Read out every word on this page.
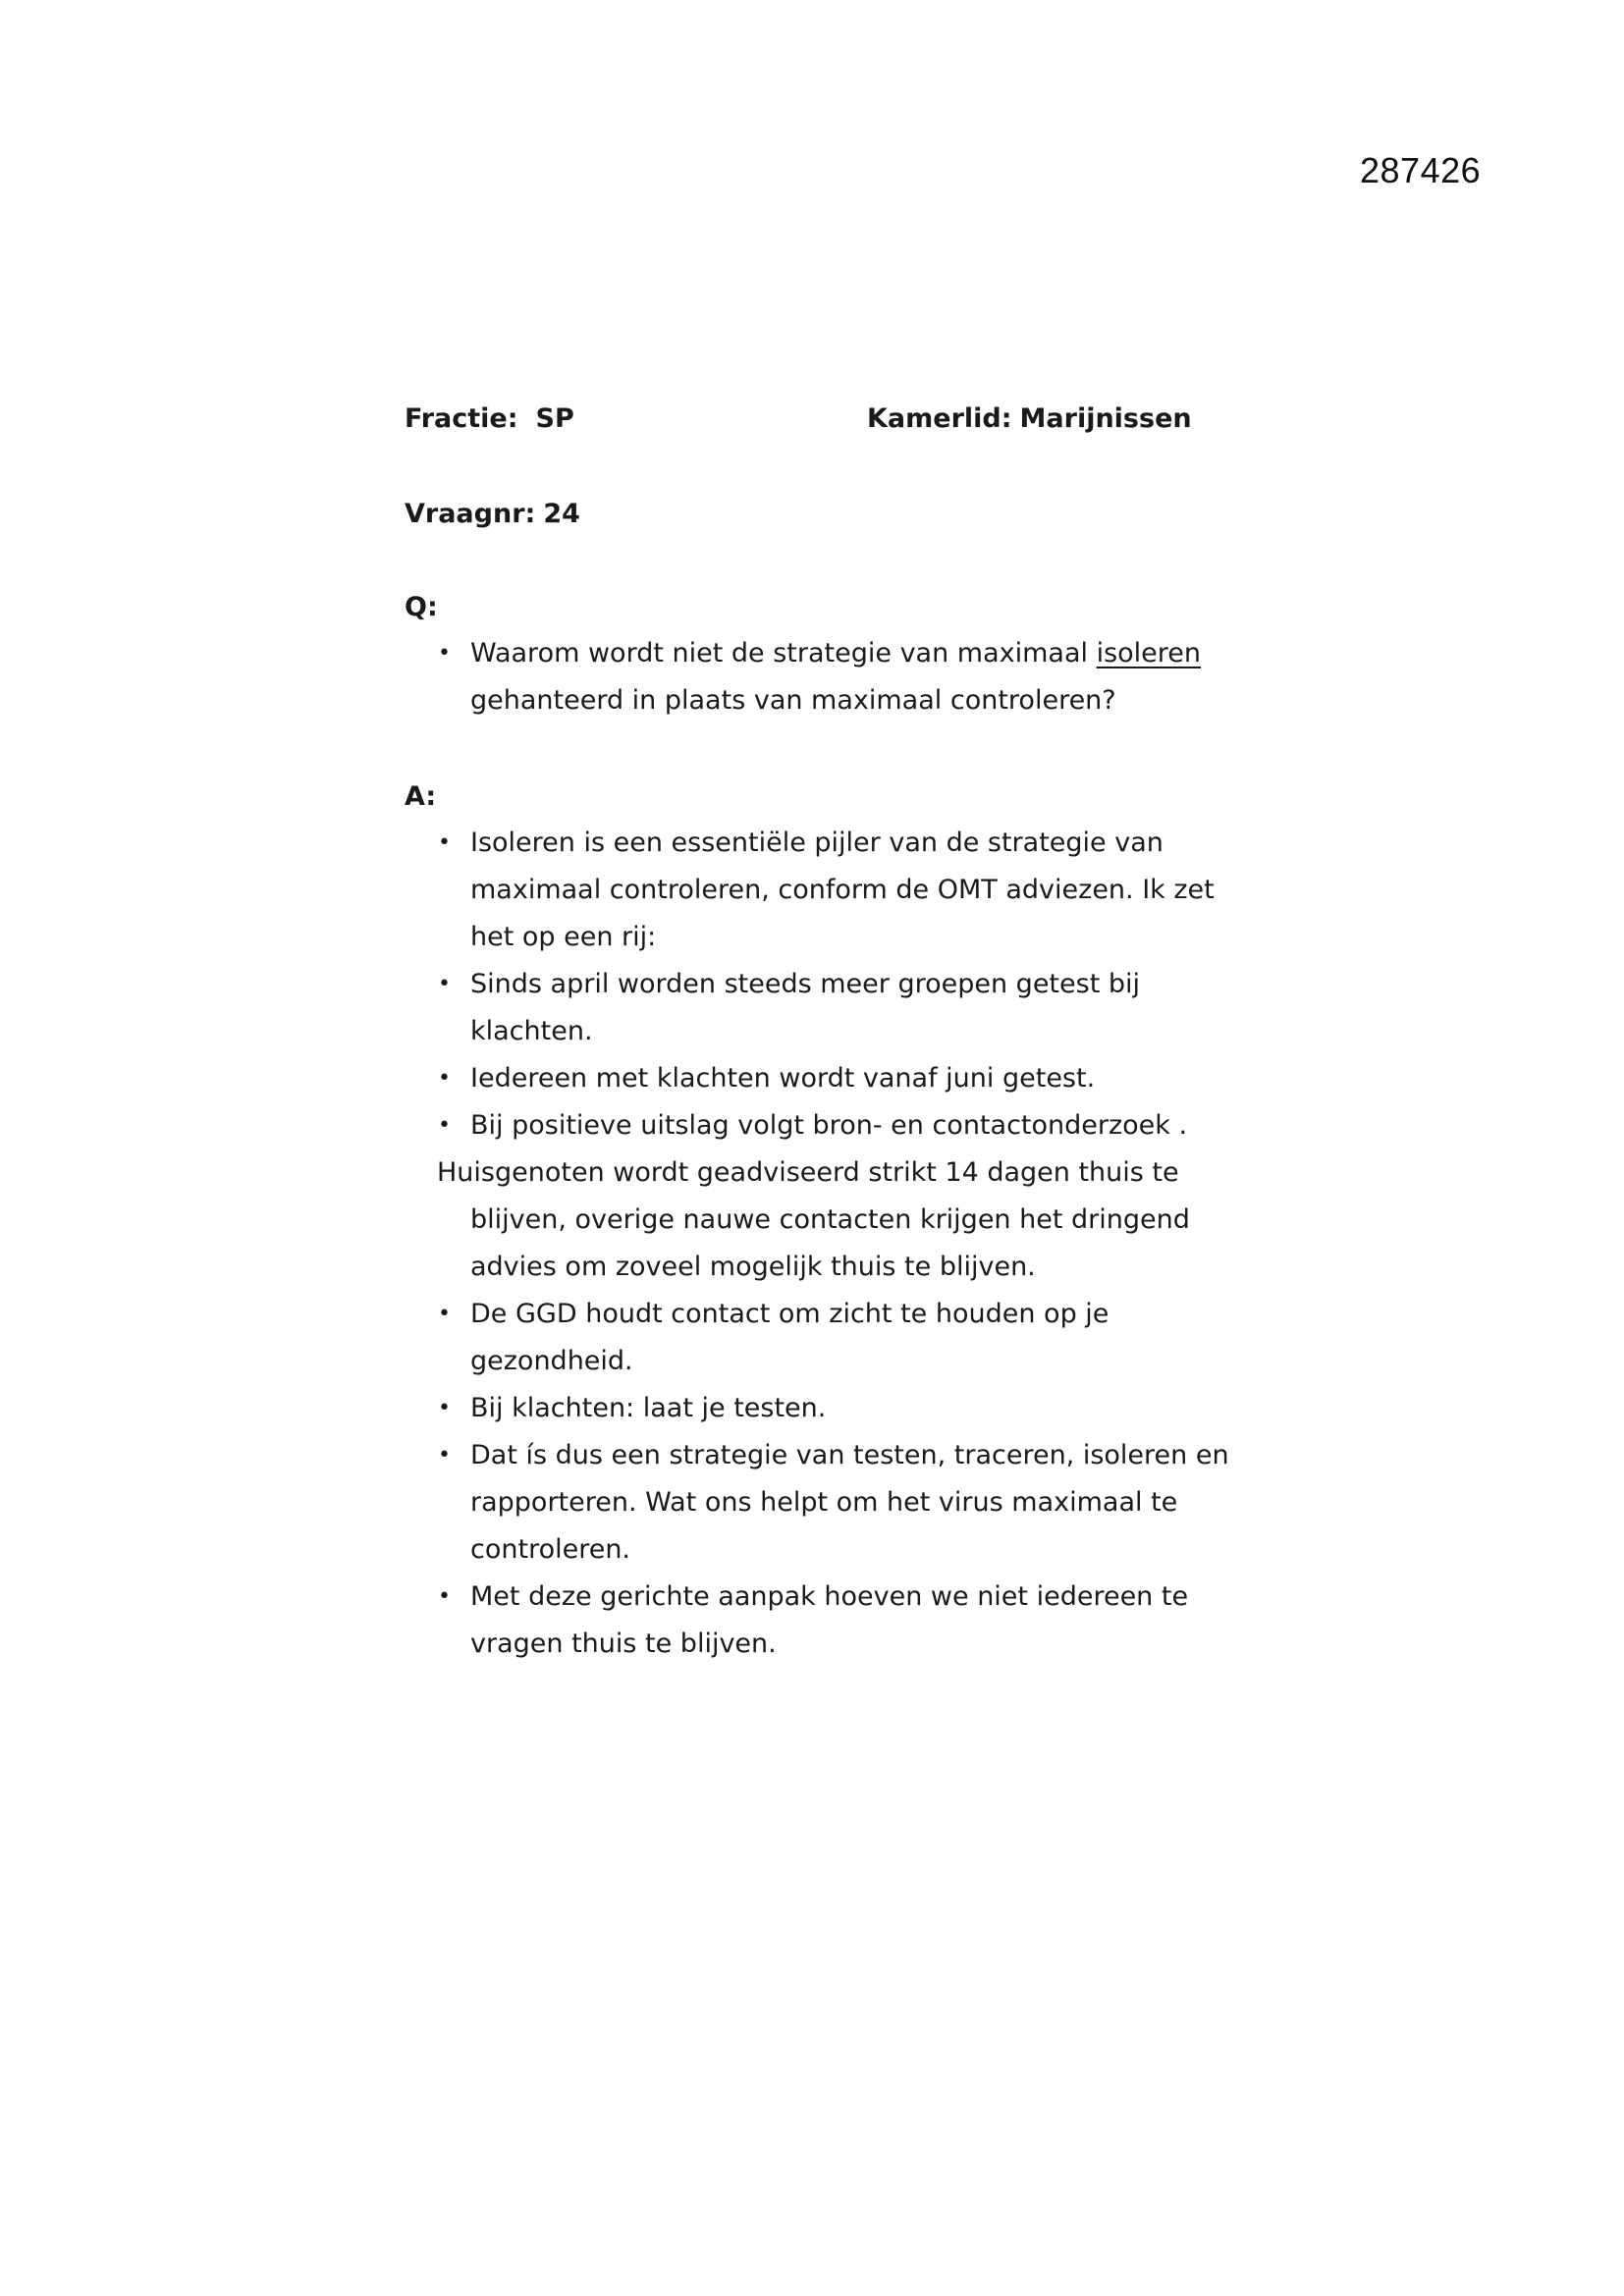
287426
Fractie: SP	Kamerlid: Marijnissen
Vraagnr: 24
Q:
• Waarom wordt niet de strategie van maximaal isoleren
gehanteerd in plaats van maximaal controleren?
A:
• Isoleren is een essentiële pijler van de strategie van maximaal controleren, conform de OMT adviezen. Ik zet het op een rij:
• Sinds april worden steeds meer groepen getest bij klachten.
• Iedereen met klachten wordt vanaf juni getest.
• Bij positieve uitslag volgt bron- en contactonderzoek .
Huisgenoten wordt geadviseerd strikt 14 dagen thuis te blijven, overige nauwe contacten krijgen het dringend advies om zoveel mogelijk thuis te blijven.
• De GGD houdt contact om zicht te houden op je gezondheid.
• Bij klachten: laat je testen.
• Dat ís dus een strategie van testen, traceren, isoleren en rapporteren. Wat ons helpt om het virus maximaal te controleren.
• Met deze gerichte aanpak hoeven we niet iedereen te vragen thuis te blijven.
